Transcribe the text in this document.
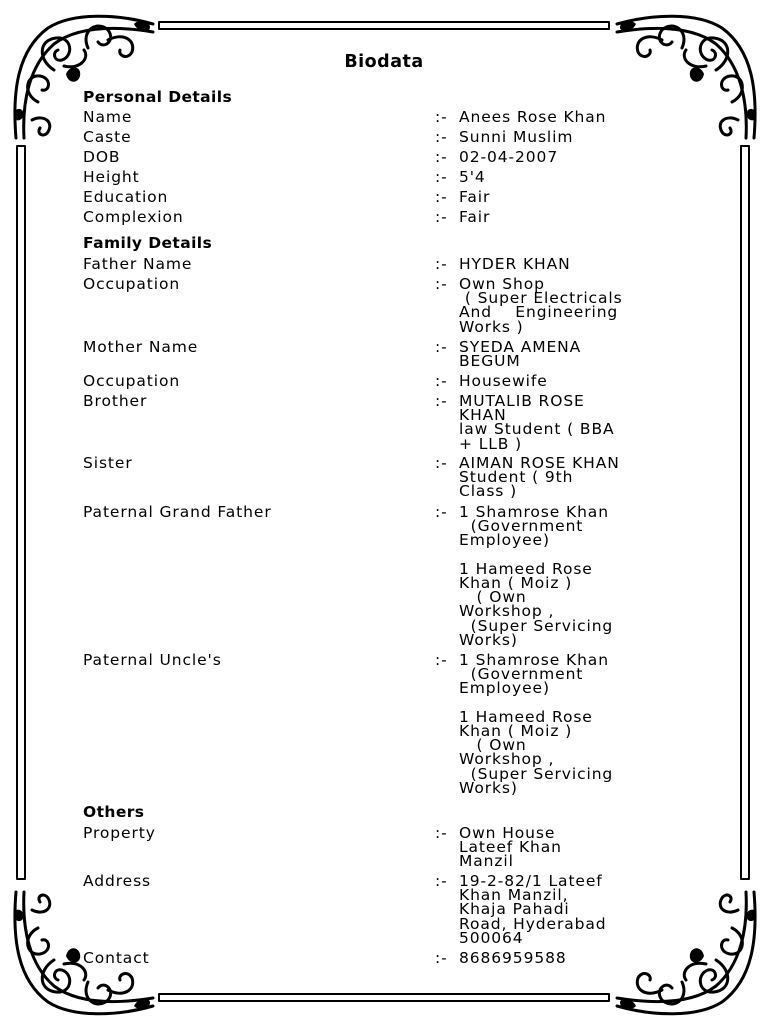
Biodata
Personal Details
Family Details
Others
Name	:- Anees Rose Khan
Caste	:- Sunni Muslim
DOB	:- 02-04-2007
Height	:- 5'4
Education	:- Fair
Complexion	:- Fair
Father Name	:- HYDER KHAN
Occupation	:- Own Shop
( Super Electricals
And    Engineering
Works )
Mother Name	:- SYEDA AMENA
BEGUM
Occupation	:- Housewife
Brother	:- MUTALIB ROSE
KHAN
law Student ( BBA
+ LLB )
Sister	:- AIMAN ROSE KHAN
Student ( 9th
Class )
Paternal Grand Father	:- 1 Shamrose Khan
(Government
Employee)

1 Hameed Rose
Khan ( Moiz )
( Own
Workshop ,
(Super Servicing
Works)
Paternal Uncle's	:- 1 Shamrose Khan
(Government
Employee)

1 Hameed Rose
Khan ( Moiz )
( Own
Workshop ,
(Super Servicing
Works)
Property	:- Own House
Lateef Khan
Manzil
Address	:- 19-2-82/1 Lateef
Khan Manzil,
Khaja Pahadi
Road, Hyderabad
500064
Contact	:- 8686959588
